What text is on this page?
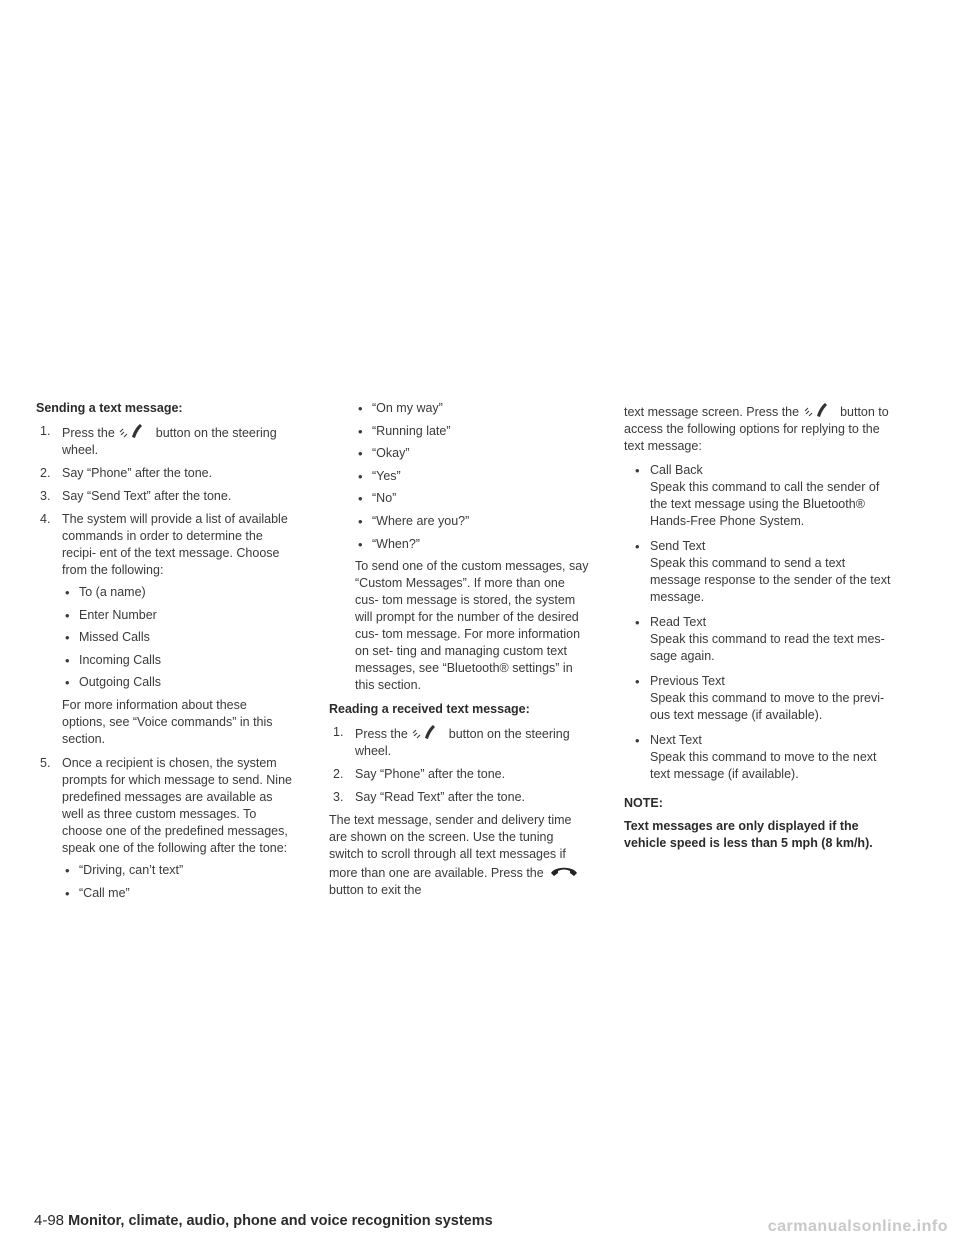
Sending a text message:
1. Press the	button on the steering wheel.
2. Say “Phone” after the tone.
3. Say “Send Text” after the tone.
4. The system will provide a list of available commands in order to determine the recipi- ent of the text message. Choose from the following:
• To (a name)
• Enter Number
• Missed Calls
• Incoming Calls
• Outgoing Calls
For more information about these options, see “Voice commands” in this section.
5. Once a recipient is chosen, the system prompts for which message to send. Nine predefined messages are available as well as three custom messages. To choose one of the predefined messages, speak one of the following after the tone:
• “Driving, can’t text”
• “Call me”
• “On my way”
• “Running late”
• “Okay”
• “Yes”
• “No”
• “Where are you?”
• “When?”
To send one of the custom messages, say “Custom Messages”. If more than one cus- tom message is stored, the system will prompt for the number of the desired cus- tom message. For more information on set- ting and managing custom text messages, see “Bluetooth® settings” in this section.
Reading a received text message:
1. Press the	button on the steering wheel.
2. Say “Phone” after the tone.
3. Say “Read Text” after the tone.
The text message, sender and delivery time are shown on the screen. Use the tuning switch to scroll through all text messages if more than one are available. Press the  button to exit the
text message screen. Press the	button to access the following options for replying to the text message:
• Call Back
Speak this command to call the sender of the text message using the Bluetooth® Hands-Free Phone System.
• Send Text
Speak this command to send a text message response to the sender of the text message.
• Read Text
Speak this command to read the text mes- sage again.
• Previous Text
Speak this command to move to the previ- ous text message (if available).
• Next Text
Speak this command to move to the next text message (if available).
NOTE:
Text messages are only displayed if the vehicle speed is less than 5 mph (8 km/h).
4-98 Monitor, climate, audio, phone and voice recognition systems	carmanualsonline.info
